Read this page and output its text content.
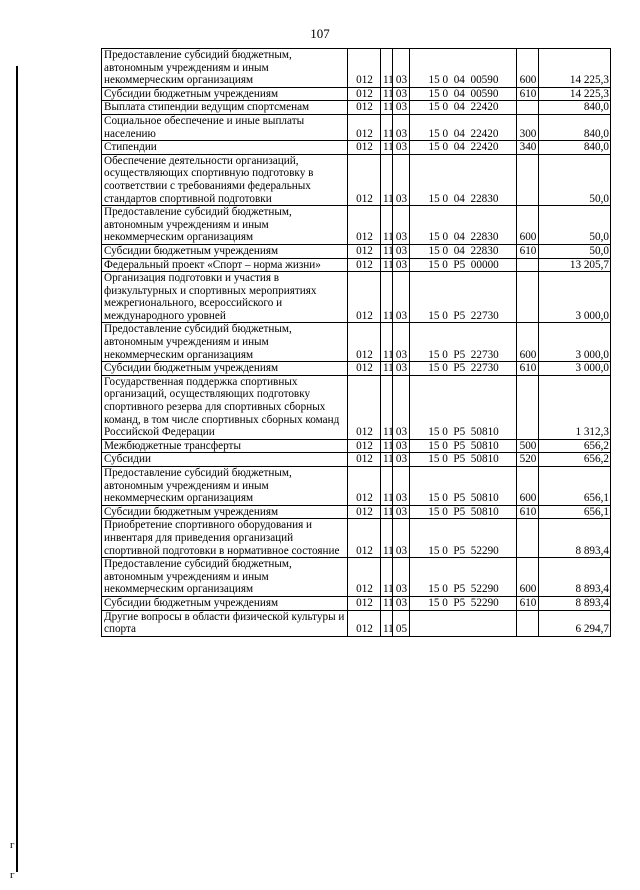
107
г
г
Предоставление субсидий бюджетным, автономным учреждениям и иным некоммерческим организациям	012	11	03	15 0  04  00590	600	14 225,3
Субсидии бюджетным учреждениям	012	11	03	15 0  04  00590	610	14 225,3
Выплата стипендии ведущим спортсменам	012	11	03	15 0  04  22420		840,0
Социальное обеспечение и иные выплаты населению	012	11	03	15 0  04  22420	300	840,0
Стипендии	012	11	03	15 0  04  22420	340	840,0
Обеспечение деятельности организаций, осуществляющих спортивную подготовку в соответствии с требованиями федеральных стандартов спортивной подготовки	012	11	03	15 0  04  22830		50,0
Предоставление субсидий бюджетным, автономным учреждениям и иным некоммерческим организациям	012	11	03	15 0  04  22830	600	50,0
Субсидии бюджетным учреждениям	012	11	03	15 0  04  22830	610	50,0
Федеральный проект «Спорт – норма жизни»	012	11	03	15 0  P5  00000		13 205,7
Организация подготовки и участия в физкультурных и спортивных мероприятиях межрегионального, всероссийского и международного уровней	012	11	03	15 0  P5  22730		3 000,0
Предоставление субсидий бюджетным, автономным учреждениям и иным некоммерческим организациям	012	11	03	15 0  P5  22730	600	3 000,0
Субсидии бюджетным учреждениям	012	11	03	15 0  P5  22730	610	3 000,0
Государственная поддержка спортивных организаций, осуществляющих подготовку спортивного резерва для спортивных сборных команд, в том числе спортивных сборных команд Российской Федерации	012	11	03	15 0  P5  50810		1 312,3
Межбюджетные трансферты	012	11	03	15 0  P5  50810	500	656,2
Субсидии	012	11	03	15 0  P5  50810	520	656,2
Предоставление субсидий бюджетным, автономным учреждениям и иным некоммерческим организациям	012	11	03	15 0  P5  50810	600	656,1
Субсидии бюджетным учреждениям	012	11	03	15 0  P5  50810	610	656,1
Приобретение спортивного оборудования и инвентаря для приведения организаций спортивной подготовки в нормативное состояние	012	11	03	15 0  P5  52290		8 893,4
Предоставление субсидий бюджетным, автономным учреждениям и иным некоммерческим организациям	012	11	03	15 0  P5  52290	600	8 893,4
Субсидии бюджетным учреждениям	012	11	03	15 0  P5  52290	610	8 893,4
Другие вопросы в области физической культуры и спорта	012	11	05			6 294,7
